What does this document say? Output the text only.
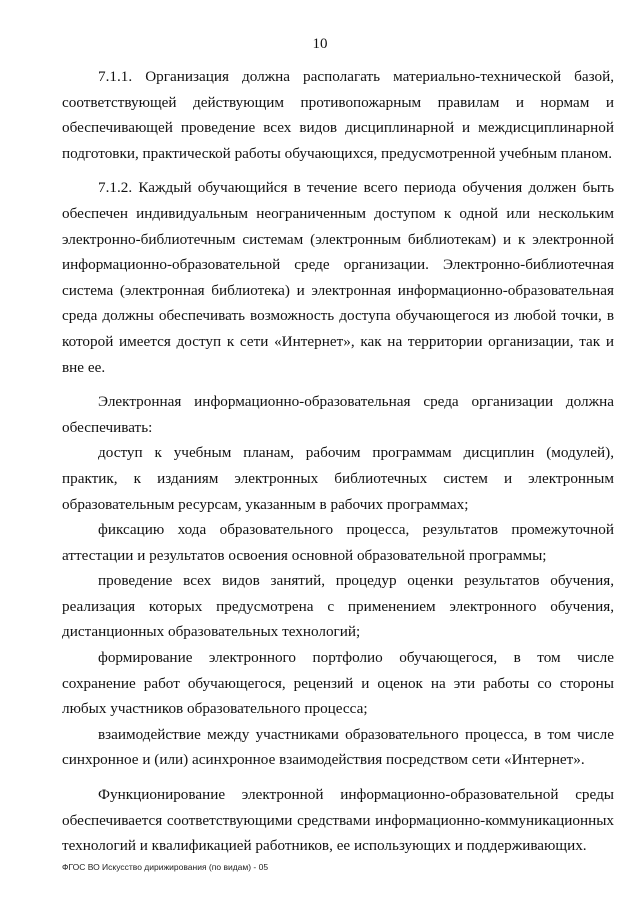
10

7.1.1. Организация должна располагать материально-технической базой, соответствующей действующим противопожарным правилам и нормам и обеспечивающей проведение всех видов дисциплинарной и междисциплинарной подготовки, практической работы обучающихся, предусмотренной учебным планом.

7.1.2. Каждый обучающийся в течение всего периода обучения должен быть обеспечен индивидуальным неограниченным доступом к одной или нескольким электронно-библиотечным системам (электронным библиотекам) и к электронной информационно-образовательной среде организации. Электронно-библиотечная система (электронная библиотека) и электронная информационно-образовательная среда должны обеспечивать возможность доступа обучающегося из любой точки, в которой имеется доступ к сети «Интернет», как на территории организации, так и вне ее.

Электронная информационно-образовательная среда организации должна обеспечивать:

доступ к учебным планам, рабочим программам дисциплин (модулей), практик, к изданиям электронных библиотечных систем и электронным образовательным ресурсам, указанным в рабочих программах;

фиксацию хода образовательного процесса, результатов промежуточной аттестации и результатов освоения основной образовательной программы;

проведение всех видов занятий, процедур оценки результатов обучения, реализация которых предусмотрена с применением электронного обучения, дистанционных образовательных технологий;

формирование электронного портфолио обучающегося, в том числе сохранение работ обучающегося, рецензий и оценок на эти работы со стороны любых участников образовательного процесса;

взаимодействие между участниками образовательного процесса, в том числе синхронное и (или) асинхронное взаимодействия посредством сети «Интернет».

Функционирование электронной информационно-образовательной среды обеспечивается соответствующими средствами информационно-коммуникационных технологий и квалификацией работников, ее использующих и поддерживающих.

ФГОС ВО Искусство дирижирования (по видам) - 05
